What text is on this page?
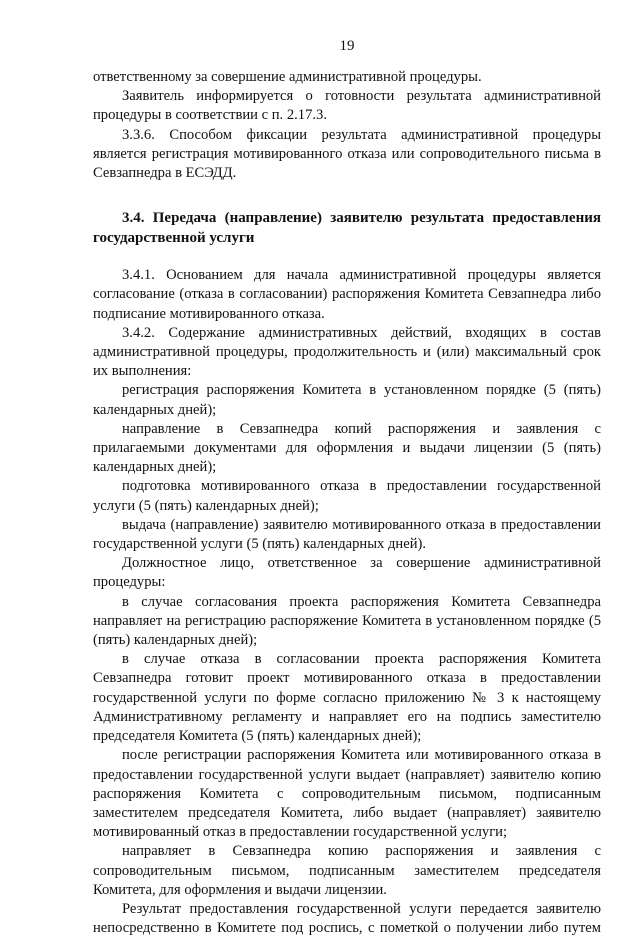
19

ответственному за совершение административной процедуры.

Заявитель информируется о готовности результата административной процедуры в соответствии с п. 2.17.3.

3.3.6. Способом фиксации результата административной процедуры является регистрация мотивированного отказа или сопроводительного письма в Севзапнедра в ЕСЭДД.

3.4. Передача (направление) заявителю результата предоставления государственной услуги

3.4.1. Основанием для начала административной процедуры является согласование (отказа в согласовании) распоряжения Комитета Севзапнедра либо подписание мотивированного отказа.

3.4.2. Содержание административных действий, входящих в состав административной процедуры, продолжительность и (или) максимальный срок их выполнения:

регистрация распоряжения Комитета в установленном порядке (5 (пять) календарных дней);

направление в Севзапнедра копий распоряжения и заявления с прилагаемыми документами для оформления и выдачи лицензии (5 (пять) календарных дней);

подготовка мотивированного отказа в предоставлении государственной услуги (5 (пять) календарных дней);

выдача (направление) заявителю мотивированного отказа в предоставлении государственной услуги (5 (пять) календарных дней).

Должностное лицо, ответственное за совершение административной процедуры:

в случае согласования проекта распоряжения Комитета Севзапнедра направляет на регистрацию распоряжение Комитета в установленном порядке (5 (пять) календарных дней);

в случае отказа в согласовании проекта распоряжения Комитета Севзапнедра готовит проект мотивированного отказа в предоставлении государственной услуги по форме согласно приложению № 3 к настоящему Административному регламенту и направляет его на подпись заместителю председателя Комитета (5 (пять) календарных дней);

после регистрации распоряжения Комитета или мотивированного отказа в предоставлении государственной услуги выдает (направляет) заявителю копию распоряжения Комитета с сопроводительным письмом, подписанным заместителем председателя Комитета, либо выдает (направляет) заявителю мотивированный отказ в предоставлении государственной услуги;

направляет в Севзапнедра копию распоряжения и заявления с сопроводительным письмом, подписанным заместителем председателя Комитета, для оформления и выдачи лицензии.

Результат предоставления государственной услуги передается заявителю непосредственно в Комитете под роспись, с пометкой о получении либо путем
